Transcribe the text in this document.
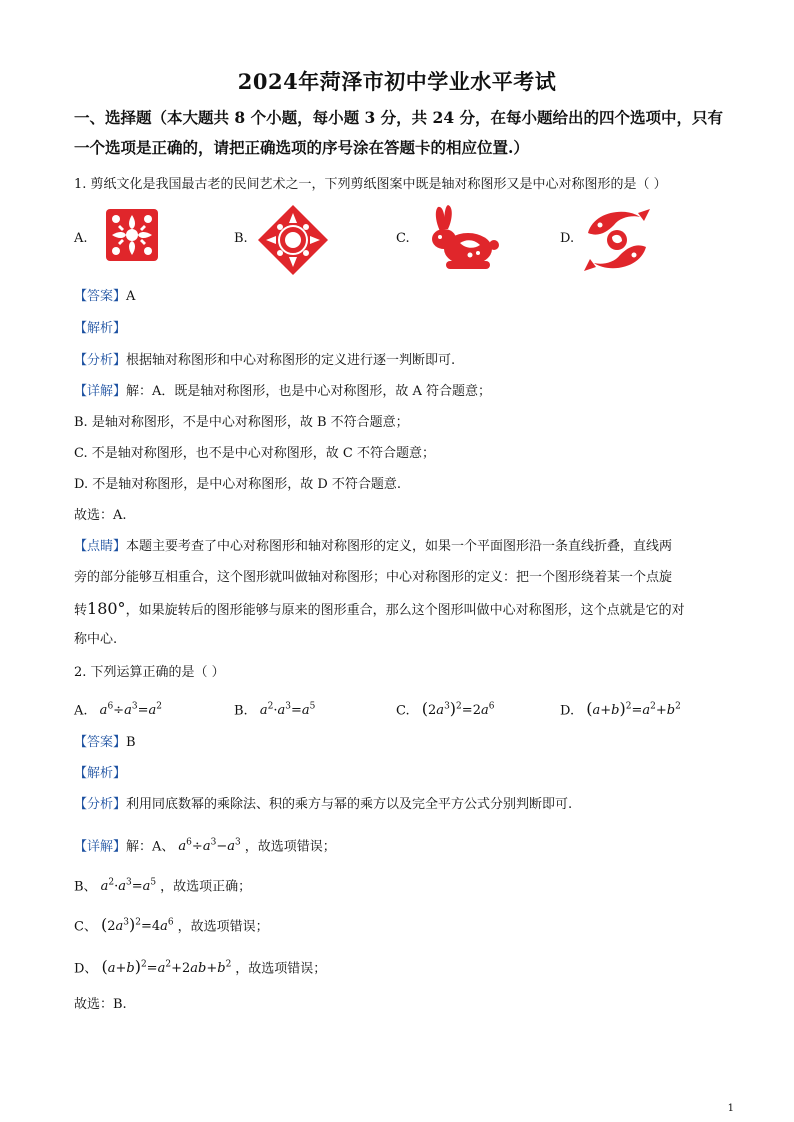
2024年菏泽市初中学业水平考试
一、选择题（本大题共 8 个小题，每小题 3 分，共 24 分，在每小题给出的四个选项中，只有
一个选项是正确的，请把正确选项的序号涂在答题卡的相应位置.）
1. 剪纸文化是我国最古老的民间艺术之一，下列剪纸图案中既是轴对称图形又是中心对称图形的是（ ）
A.	B.	C.	D.
【答案】A
【解析】
【分析】根据轴对称图形和中心对称图形的定义进行逐一判断即可.
【详解】解：A．既是轴对称图形，也是中心对称图形，故 A 符合题意；
B. 是轴对称图形，不是中心对称图形，故 B 不符合题意；
C. 不是轴对称图形，也不是中心对称图形，故 C 不符合题意；
D. 不是轴对称图形，是中心对称图形，故 D 不符合题意.
故选：A.
【点睛】本题主要考查了中心对称图形和轴对称图形的定义，如果一个平面图形沿一条直线折叠，直线两
旁的部分能够互相重合，这个图形就叫做轴对称图形；中心对称图形的定义：把一个图形绕着某一个点旋
转180°，如果旋转后的图形能够与原来的图形重合，那么这个图形叫做中心对称图形，这个点就是它的对
称中心.
2. 下列运算正确的是（ ）
A. $a^6\div a^3=a^2$	B. $a^2\cdot a^3=a^5$	C. $(2a^3)^2=2a^6$	D. $(a+b)^2=a^2+b^2$
【答案】B
【解析】
【分析】利用同底数幂的乘除法、积的乘方与幂的乘方以及完全平方公式分别判断即可.
【详解】解：A、 $a^6\div a^3-a^3$ ，故选项错误；
B、 $a^2\cdot a^3=a^5$ ，故选项正确；
C、 $(2a^3)^2=4a^6$ ，故选项错误；
D、 $(a+b)^2=a^2+2ab+b^2$ ，故选项错误；
故选：B.
1
